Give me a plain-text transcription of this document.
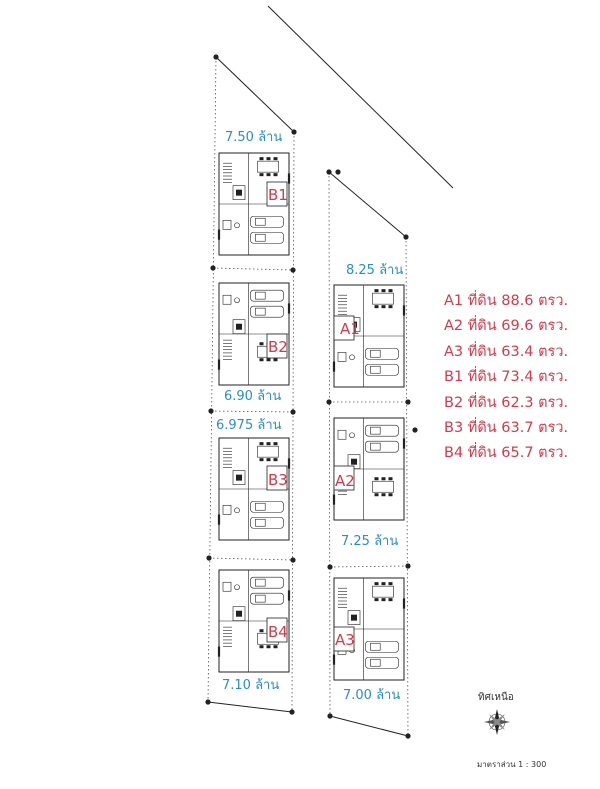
7.50 ล้าน
6.90 ล้าน
6.975 ล้าน
7.10 ล้าน
8.25 ล้าน
7.25 ล้าน
7.00 ล้าน
B1
B2
B3
B4
A1
A2
A3
A1 ที่ดิน 88.6 ตรว.
A2 ที่ดิน 69.6 ตรว.
A3 ที่ดิน 63.4 ตรว.
B1 ที่ดิน 73.4 ตรว.
B2 ที่ดิน 62.3 ตรว.
B3 ที่ดิน 63.7 ตรว.
B4 ที่ดิน 65.7 ตรว.
ทิศเหนือ
มาตราส่วน 1 : 300
